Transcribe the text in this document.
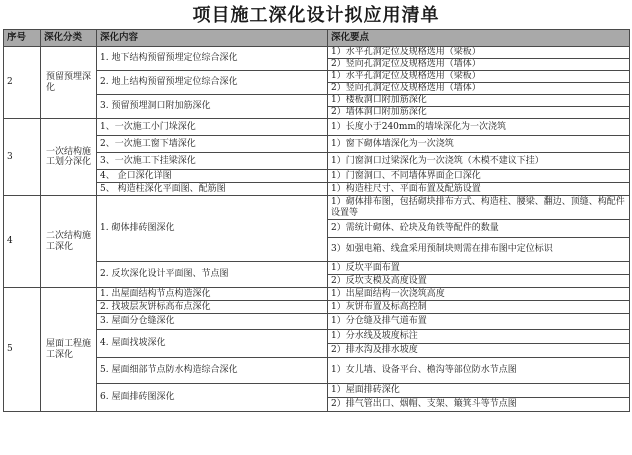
项目施工深化设计拟应用清单
序号	深化分类	深化内容	深化要点
2	预留预埋深化	1. 地下结构预留预埋定位综合深化	1）水平孔洞定位及规格选用（梁板）
			2）竖向孔洞定位及规格选用（墙体）
		2. 地上结构预留预埋定位综合深化	1）水平孔洞定位及规格选用（梁板）
			2）竖向孔洞定位及规格选用（墙体）
		3. 预留预埋洞口附加筋深化	1）楼板洞口附加筋深化
			2）墙体洞口附加筋深化
3	一次结构施工划分深化	1、一次施工小门垛深化	1）长度小于240mm的墙垛深化为一次浇筑
		2、一次施工窗下墙深化	1）窗下砌体墙深化为一次浇筑
		3、一次施工下挂梁深化	1）门窗洞口过梁深化为一次浇筑（木模不建议下挂）
		4、 企口深化详图	1）门窗洞口、不同墙体界面企口深化
		5、 构造柱深化平面图、配筋图	1）构造柱尺寸、平面布置及配筋设置
4	二次结构施工深化	1. 砌体排砖图深化	1）砌体排布图，包括砌块排布方式、构造柱、腰梁、翻边、顶缝、构配件设置等
			2）需统计砌体、砼块及角铁等配件的数量
			3）如强电箱、线盒采用预制块则需在排布图中定位标识
		2. 反坎深化设计平面图、节点图	1）反坎平面布置
			2）反坎支模及高度设置
5	屋面工程施工深化	1. 出屋面结构节点构造深化	1）出屋面结构一次浇筑高度
		2. 找坡层灰饼标高布点深化	1）灰饼布置及标高控制
		3. 屋面分仓缝深化	1）分仓缝及排气道布置
		4. 屋面找坡深化	1）分水线及坡度标注
			2）排水沟及排水坡度
		5. 屋面细部节点防水构造综合深化	1）女儿墙、设备平台、檐沟等部位防水节点图
		6. 屋面排砖图深化	1）屋面排砖深化
			2）排气管出口、烟帽、支架、簸箕斗等节点图
